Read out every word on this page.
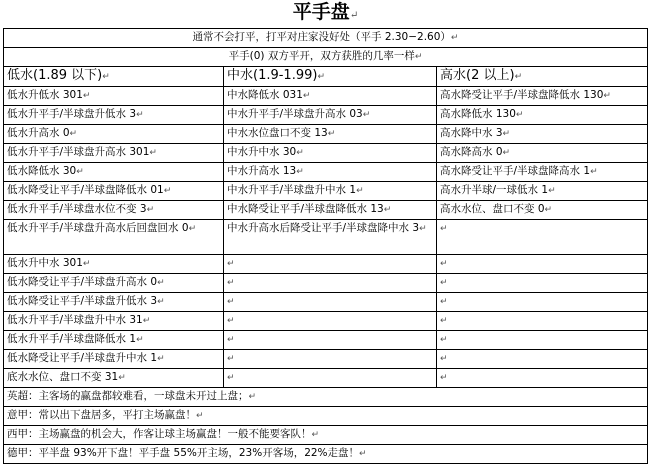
平手盘↵
通常不会打平，打平对庄家没好处（平手 2.30−2.60）↵
平手(0) 双方平开，双方获胜的几率一样↵
低水(1.89 以下)↵	中水(1.9-1.99)↵	高水(2 以上)↵
低水升低水 301↵	中水降低水 031↵	高水降受让平手/半球盘降低水 130↵
低水升平手/半球盘升低水 3↵	中水升平手/半球盘升高水 03↵	高水降低水 130↵
低水升高水 0↵	中水水位盘口不变 13↵	高水降中水 3↵
低水升平手/半球盘升高水 301↵	中水升中水 30↵	高水降高水 0↵
低水降低水 30↵	中水升高水 13↵	高水降受让平手/半球盘降高水 1↵
低水降受让平手/半球盘降低水 01↵	中水升平手/半球盘升中水 1↵	高水升半球/一球低水 1↵
低水升平手/半球盘水位不变 3↵	中水降受让平手/半球盘降低水 13↵	高水水位、盘口不变 0↵
低水升平手/半球盘升高水后回盘回水 0↵	中水升高水后降受让平手/半球盘降中水 3↵	↵
低水升中水 301↵	↵	↵
低水降受让平手/半球盘升高水 0↵	↵	↵
低水降受让平手/半球盘升低水 3↵	↵	↵
低水升平手/半球盘升中水 31↵	↵	↵
低水升平手/半球盘降低水 1↵	↵	↵
低水降受让平手/半球盘升中水 1↵	↵	↵
底水水位、盘口不变 31↵	↵	↵
英超：主客场的赢盘都较难看，一球盘未开过上盘；↵
意甲：常以出下盘居多，平打主场赢盘！↵
西甲：主场赢盘的机会大，作客让球主场赢盘！一般不能要客队！↵
德甲：平半盘 93%开下盘！平手盘 55%开主场，23%开客场，22%走盘！↵
